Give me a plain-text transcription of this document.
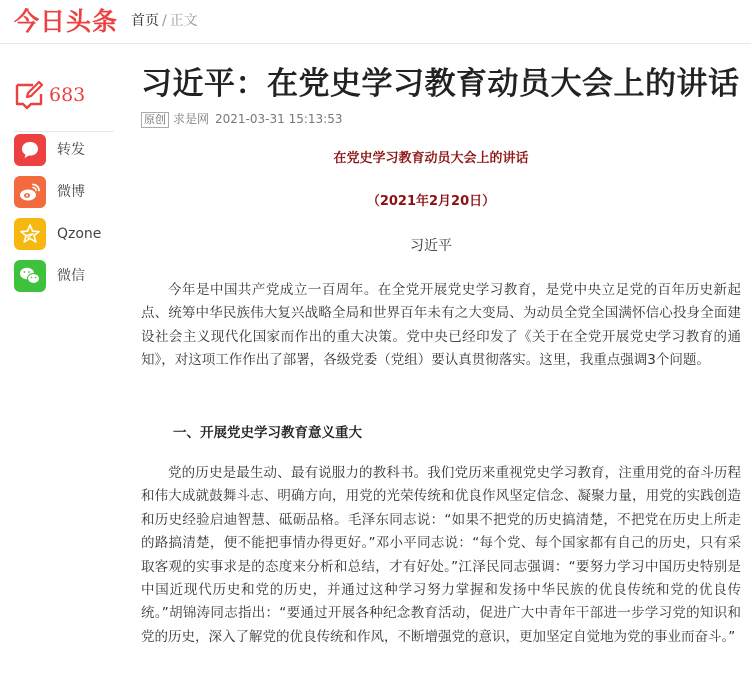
今日头条 首页 / 正文
683
转发
微博
Qzone
微信
习近平：在党史学习教育动员大会上的讲话
原创 求是网 2021-03-31 15:13:53
在党史学习教育动员大会上的讲话
（2021年2月20日）
习近平

今年是中国共产党成立一百周年。在全党开展党史学习教育，是党中央立足党的百年历史新起点、统筹中华民族伟大复兴战略全局和世界百年未有之大变局、为动员全党全国满怀信心投身全面建设社会主义现代化国家而作出的重大决策。党中央已经印发了《关于在全党开展党史学习教育的通知》，对这项工作作出了部署，各级党委（党组）要认真贯彻落实。这里，我重点强调3个问题。

一、开展党史学习教育意义重大

党的历史是最生动、最有说服力的教科书。我们党历来重视党史学习教育，注重用党的奋斗历程和伟大成就鼓舞斗志、明确方向，用党的光荣传统和优良作风坚定信念、凝聚力量，用党的实践创造和历史经验启迪智慧、砥砺品格。毛泽东同志说：“如果不把党的历史搞清楚，不把党在历史上所走的路搞清楚，便不能把事情办得更好。”邓小平同志说：“每个党、每个国家都有自己的历史，只有采取客观的实事求是的态度来分析和总结，才有好处。”江泽民同志强调：“要努力学习中国历史特别是中国近现代历史和党的历史，并通过这种学习努力掌握和发扬中华民族的优良传统和党的优良传统。”胡锦涛同志指出：“要通过开展各种纪念教育活动，促进广大中青年干部进一步学习党的知识和党的历史，深入了解党的优良传统和作风，不断增强党的意识，更加坚定自觉地为党的事业而奋斗。”
